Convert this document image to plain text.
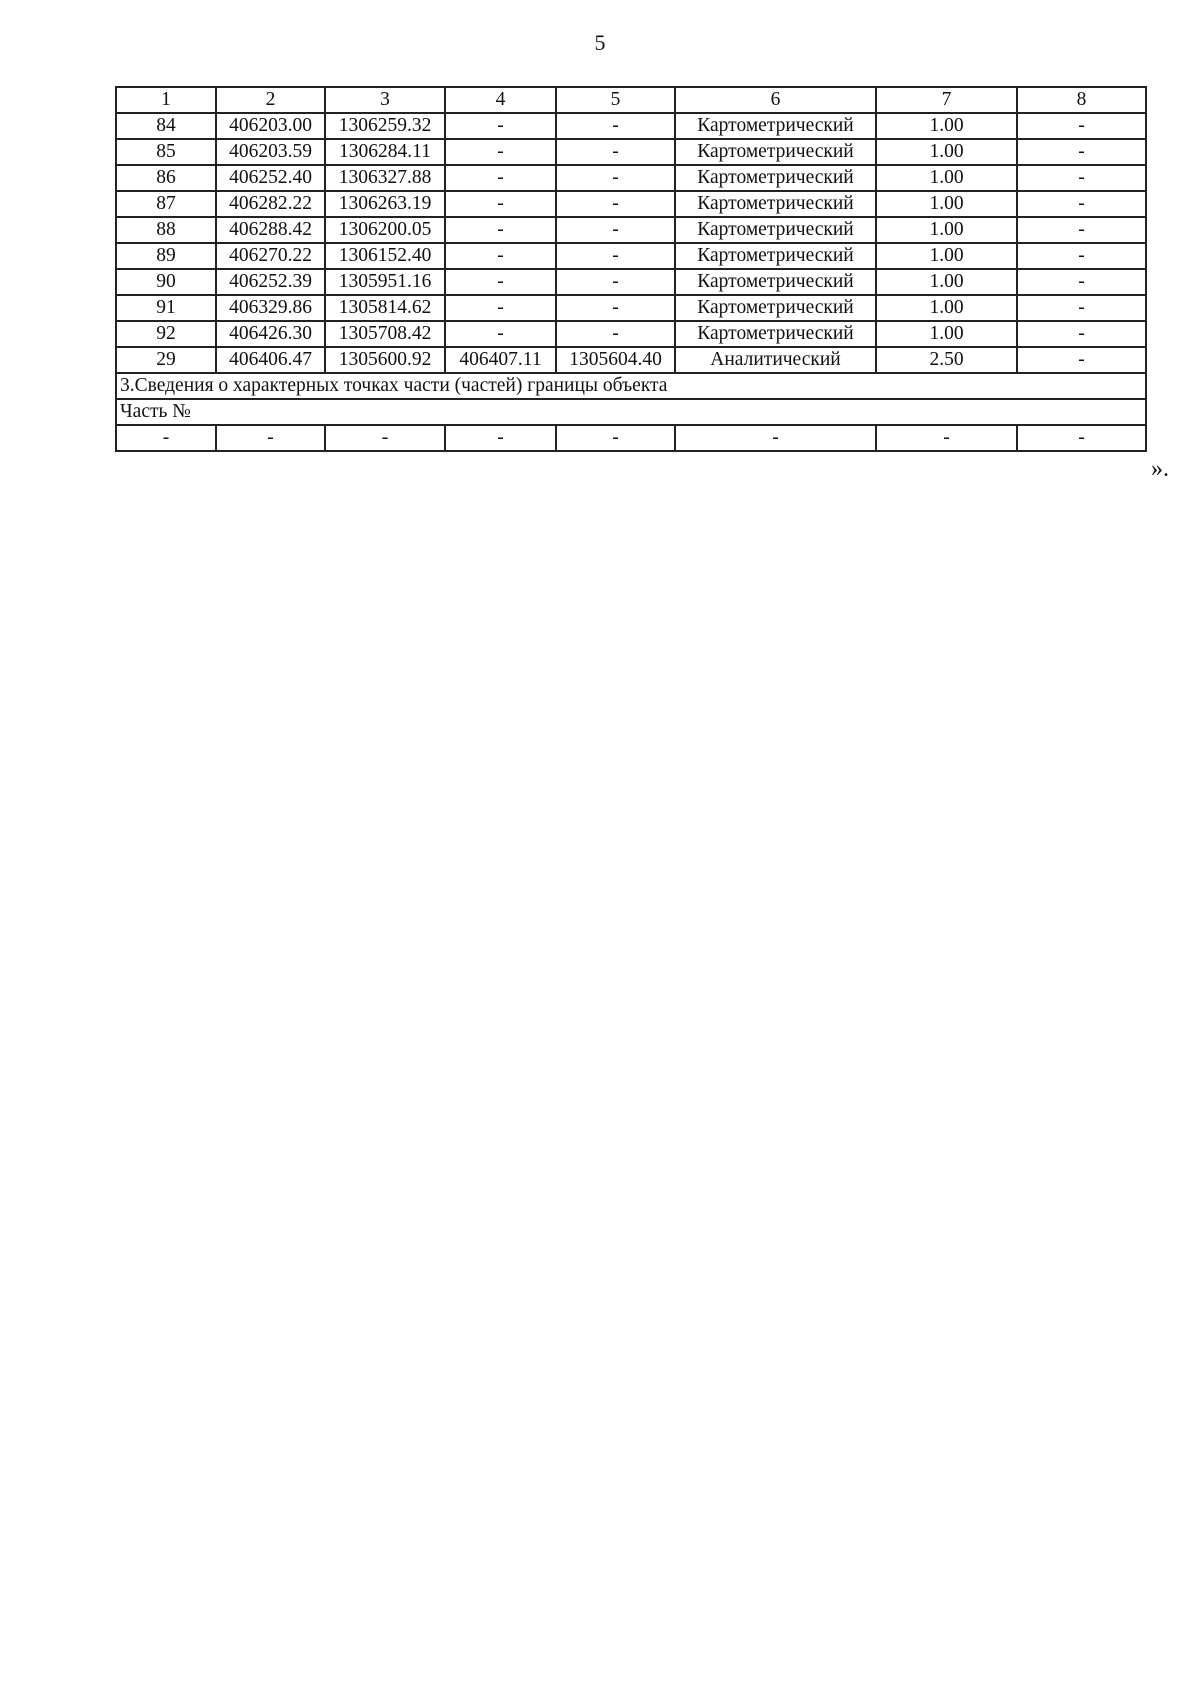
5
1	2	3	4	5	6	7	8
84	406203.00	1306259.32	-	-	Картометрический	1.00	-
85	406203.59	1306284.11	-	-	Картометрический	1.00	-
86	406252.40	1306327.88	-	-	Картометрический	1.00	-
87	406282.22	1306263.19	-	-	Картометрический	1.00	-
88	406288.42	1306200.05	-	-	Картометрический	1.00	-
89	406270.22	1306152.40	-	-	Картометрический	1.00	-
90	406252.39	1305951.16	-	-	Картометрический	1.00	-
91	406329.86	1305814.62	-	-	Картометрический	1.00	-
92	406426.30	1305708.42	-	-	Картометрический	1.00	-
29	406406.47	1305600.92	406407.11	1305604.40	Аналитический	2.50	-
3.Сведения о характерных точках части (частей) границы объекта							
Часть №							
-	-	-	-	-	-	-	-
».
